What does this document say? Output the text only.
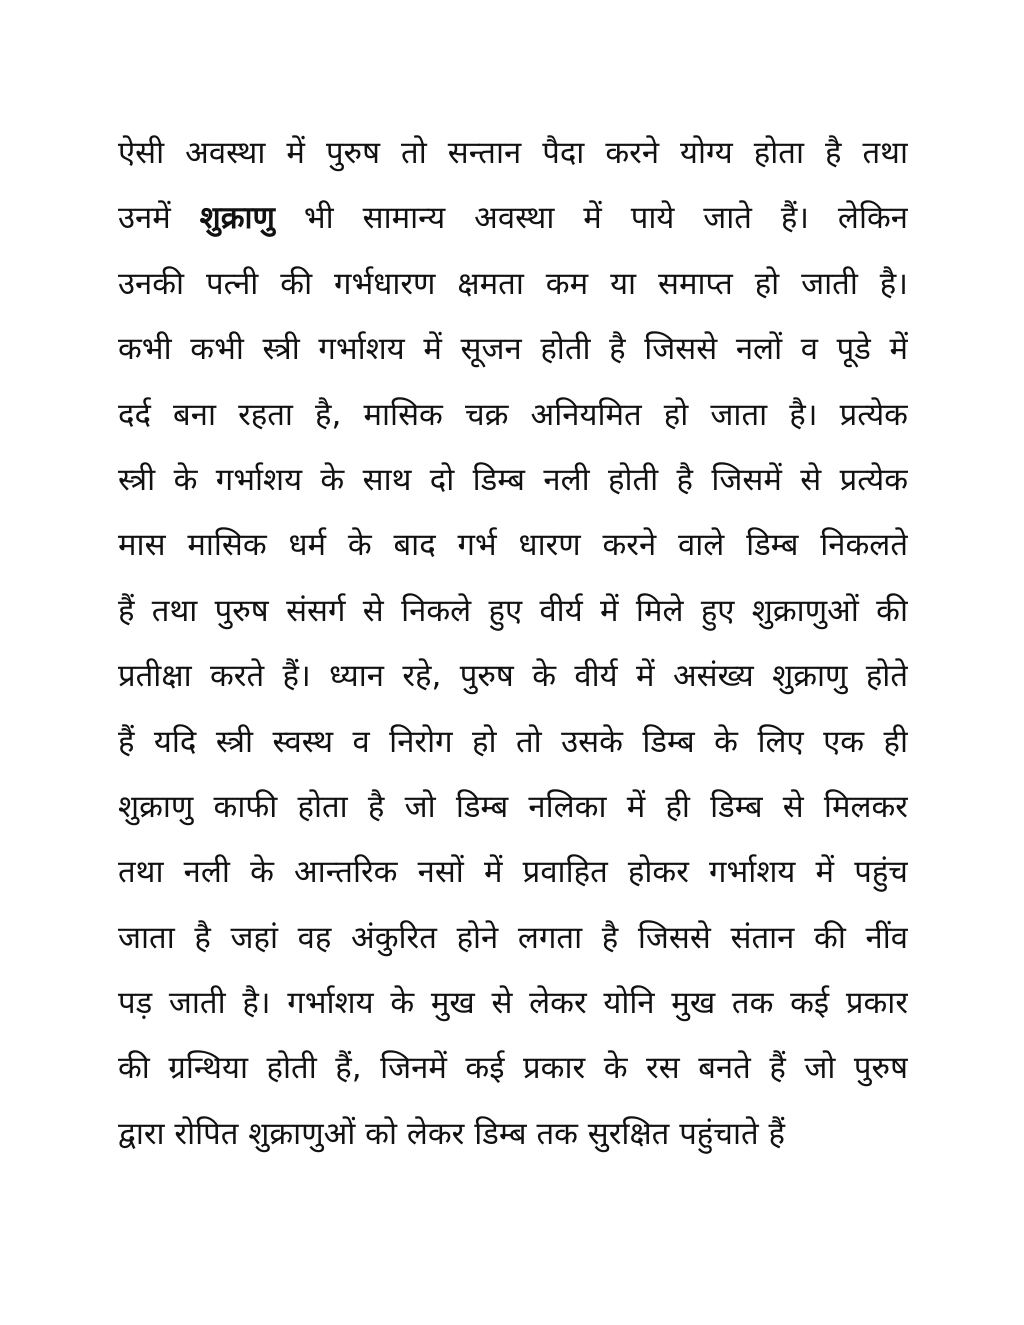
ऐसी अवस्था में पुरुष तो सन्तान पैदा करने योग्य होता है तथा
उनमें शुक्राणु भी सामान्य अवस्था में पाये जाते हैं। लेकिन
उनकी पत्नी की गर्भधारण क्षमता कम या समाप्त हो जाती है।
कभी कभी स्त्री गर्भाशय में सूजन होती है जिससे नलों व पूडे में
दर्द बना रहता है, मासिक चक्र अनियमित हो जाता है। प्रत्येक
स्त्री के गर्भाशय के साथ दो डिम्ब नली होती है जिसमें से प्रत्येक
मास मासिक धर्म के बाद गर्भ धारण करने वाले डिम्ब निकलते
हैं तथा पुरुष संसर्ग से निकले हुए वीर्य में मिले हुए शुक्राणुओं की
प्रतीक्षा करते हैं। ध्यान रहे, पुरुष के वीर्य में असंख्य शुक्राणु होते
हैं यदि स्त्री स्वस्थ व निरोग हो तो उसके डिम्ब के लिए एक ही
शुक्राणु काफी होता है जो डिम्ब नलिका में ही डिम्ब से मिलकर
तथा नली के आन्तरिक नसों में प्रवाहित होकर गर्भाशय में पहुंच
जाता है जहां वह अंकुरित होने लगता है जिससे संतान की नींव
पड़ जाती है। गर्भाशय के मुख से लेकर योनि मुख तक कई प्रकार
की ग्रन्थिया होती हैं, जिनमें कई प्रकार के रस बनते हैं जो पुरुष
द्वारा रोपित शुक्राणुओं को लेकर डिम्ब तक सुरक्षित पहुंचाते हैं
